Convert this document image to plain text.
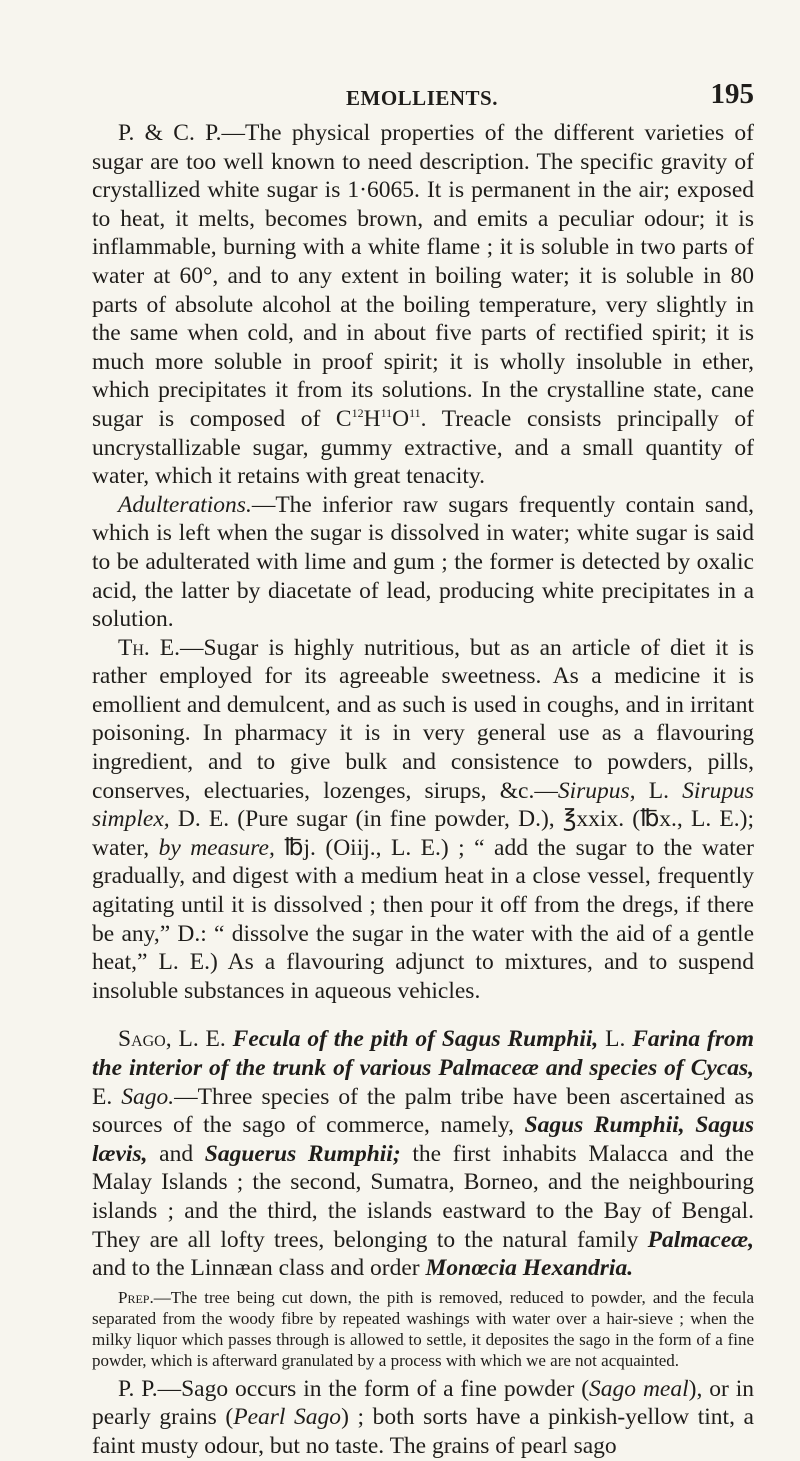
EMOLLIENTS.	195

P. & C. P.—The physical properties of the different varieties of sugar are too well known to need description. The specific gravity of crystallized white sugar is 1·6065. It is permanent in the air; exposed to heat, it melts, becomes brown, and emits a peculiar odour; it is inflammable, burning with a white flame ; it is soluble in two parts of water at 60°, and to any extent in boiling water; it is soluble in 80 parts of absolute alcohol at the boiling temperature, very slightly in the same when cold, and in about five parts of rectified spirit; it is much more soluble in proof spirit; it is wholly insoluble in ether, which precipitates it from its solutions. In the crystalline state, cane sugar is composed of $C^{12}H^{11}O^{11}$. Treacle consists principally of uncrystallizable sugar, gummy extractive, and a small quantity of water, which it retains with great tenacity.

Adulterations.—The inferior raw sugars frequently contain sand, which is left when the sugar is dissolved in water; white sugar is said to be adulterated with lime and gum ; the former is detected by oxalic acid, the latter by diacetate of lead, producing white precipitates in a solution.

Th. E.—Sugar is highly nutritious, but as an article of diet it is rather employed for its agreeable sweetness. As a medicine it is emollient and demulcent, and as such is used in coughs, and in irritant poisoning. In pharmacy it is in very general use as a flavouring ingredient, and to give bulk and consistence to powders, pills, conserves, electuaries, lozenges, sirups, &c.—Sirupus, L. Sirupus simplex, D. E. (Pure sugar (in fine powder, D.), ℥xxix. (℔x., L. E.); water, by measure, ℔j. (Oiij., L. E.) ; “ add the sugar to the water gradually, and digest with a medium heat in a close vessel, frequently agitating until it is dissolved ; then pour it off from the dregs, if there be any,” D.: “ dissolve the sugar in the water with the aid of a gentle heat,” L. E.) As a flavouring adjunct to mixtures, and to suspend insoluble substances in aqueous vehicles.

Sago, L. E. Fecula of the pith of Sagus Rumphii, L. Farina from the interior of the trunk of various Palmaceæ and species of Cycas, E. Sago.—Three species of the palm tribe have been ascertained as sources of the sago of commerce, namely, Sagus Rumphii, Sagus lævis, and Saguerus Rumphii; the first inhabits Malacca and the Malay Islands ; the second, Sumatra, Borneo, and the neighbouring islands ; and the third, the islands eastward to the Bay of Bengal. They are all lofty trees, belonging to the natural family Palmaceæ, and to the Linnæan class and order Monœcia Hexandria.

Prep.—The tree being cut down, the pith is removed, reduced to powder, and the fecula separated from the woody fibre by repeated washings with water over a hair-sieve ; when the milky liquor which passes through is allowed to settle, it deposites the sago in the form of a fine powder, which is afterward granulated by a process with which we are not acquainted.

P. P.—Sago occurs in the form of a fine powder (Sago meal), or in pearly grains (Pearl Sago) ; both sorts have a pinkish-yellow tint, a faint musty odour, but no taste. The grains of pearl sago
